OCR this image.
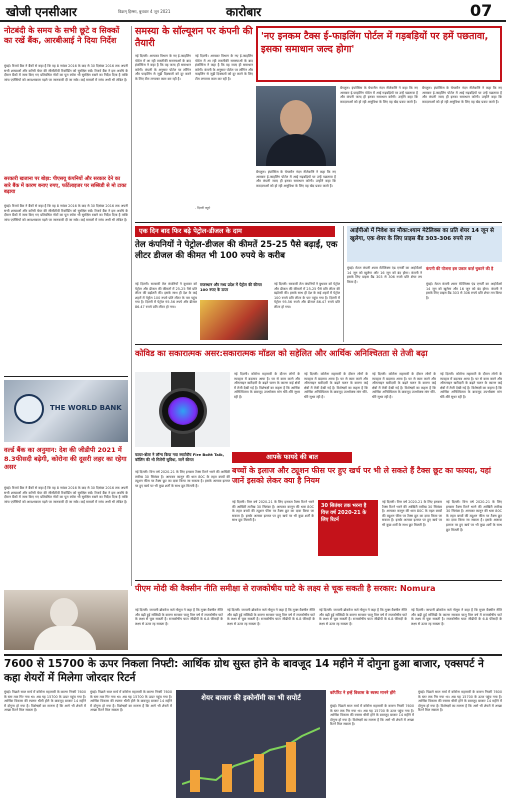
खोजी एनसीआर	विक्रम् हिस्सा, बुधवार 4 जून 2021	कारोबार	07
नोटबंदी के समय के सभी छूटे व सिक्कों का रखें बैंक, आरबीआई ने दिया निर्देश
मुंबई। रिजर्व बैंक ने बैंकों से कहा है कि वह 8 नवंबर 2016 के बाद से 30 दिसंबर 2016 तक अपनी सभी शाखाओं और करेंसी चेस्ट की सीसीटीवी रिकॉर्डिंग को सुरक्षित रखें। रिजर्व बैंक ने इस अवधि के दौरान बैंकों में जमा किए गए प्रतिबंधित नोटों का पूरा ब्योरा भी सुरक्षित रखने का निर्देश दिया है ताकि जांच एजेंसियों को आवश्यकता पड़ने पर जानकारी दी जा सके। कई मामलों में जांच अभी भी लंबित है।
सरकारी खजाना पर बोझ: पीएसयू कंपनियों और सरकार देने का सारे बैंक में कारण बनाए रुपए, फर्टिलाइजर पर सब्सिडी से मो टाका बढ़ाया
मुंबई। रिजर्व बैंक ने बैंकों से कहा है कि वह 8 नवंबर 2016 के बाद से 30 दिसंबर 2016 तक अपनी सभी शाखाओं और करेंसी चेस्ट की सीसीटीवी रिकॉर्डिंग को सुरक्षित रखें। रिजर्व बैंक ने इस अवधि के दौरान बैंकों में जमा किए गए प्रतिबंधित नोटों का पूरा ब्योरा भी सुरक्षित रखने का निर्देश दिया है ताकि जांच एजेंसियों को आवश्यकता पड़ने पर जानकारी दी जा सके। कई मामलों में जांच अभी भी लंबित है।
THE WORLD BANK
वर्ल्ड बैंक का अनुमान: देश की जीडीपी 2021 में 8.3फीसदी बढ़ेगी, कोरोना की दूसरी लहर का रहेगा असर
मुंबई। रिजर्व बैंक ने बैंकों से कहा है कि वह 8 नवंबर 2016 के बाद से 30 दिसंबर 2016 तक अपनी सभी शाखाओं और करेंसी चेस्ट की सीसीटीवी रिकॉर्डिंग को सुरक्षित रखें। रिजर्व बैंक ने इस अवधि के दौरान बैंकों में जमा किए गए प्रतिबंधित नोटों का पूरा ब्योरा भी सुरक्षित रखने का निर्देश दिया है ताकि जांच एजेंसियों को आवश्यकता पड़ने पर जानकारी दी जा सके। कई मामलों में जांच अभी भी लंबित है।
समस्या के सॉल्यूशन पर कंपनी की तैयारी
नई दिल्ली। आयकर विभाग के नए ई-फाइलिंग पोर्टल में आ रही तकनीकी समस्याओं के बाद इंफोसिस ने कहा है कि वह जल्द ही समाधान करेगी। कंपनी के अनुसार पोर्टल पर लॉगिन और फाइलिंग से जुड़ी दिक्कतों को दूर करने के लिए टीम लगातार काम कर रही है।
नई दिल्ली। आयकर विभाग के नए ई-फाइलिंग पोर्टल में आ रही तकनीकी समस्याओं के बाद इंफोसिस ने कहा है कि वह जल्द ही समाधान करेगी। कंपनी के अनुसार पोर्टल पर लॉगिन और फाइलिंग से जुड़ी दिक्कतों को दूर करने के लिए टीम लगातार काम कर रही है।
- दिल्ली ब्यूरो
'नए इनकम टैक्स ई-फाइलिंग पोर्टल में गड़बड़ियों पर हमें पछतावा, इसका समाधान जल्द होगा'
बेंगलुरू। इंफोसिस के चेयरमैन नंदन नीलेकणि ने कहा कि नए आयकर ई-फाइलिंग पोर्टल में आई गड़बड़ियों पर उन्हें पछतावा है और कंपनी जल्द ही इनका समाधान करेगी। उन्होंने कहा कि करदाताओं को हो रही असुविधा के लिए वह खेद प्रकट करते हैं।
बेंगलुरू। इंफोसिस के चेयरमैन नंदन नीलेकणि ने कहा कि नए आयकर ई-फाइलिंग पोर्टल में आई गड़बड़ियों पर उन्हें पछतावा है और कंपनी जल्द ही इनका समाधान करेगी। उन्होंने कहा कि करदाताओं को हो रही असुविधा के लिए वह खेद प्रकट करते हैं।
बेंगलुरू। इंफोसिस के चेयरमैन नंदन नीलेकणि ने कहा कि नए आयकर ई-फाइलिंग पोर्टल में आई गड़बड़ियों पर उन्हें पछतावा है और कंपनी जल्द ही इनका समाधान करेगी। उन्होंने कहा कि करदाताओं को हो रही असुविधा के लिए वह खेद प्रकट करते हैं।
एक दिन बाद फिर बढ़े पेट्रोल-डीजल के दाम
तेल कंपनियों ने पेट्रोल-डीजल की कीमतें 25-25 पैसे बढ़ाईं, एक लीटर डीजल की कीमत भी 100 रुपये के करीब
नई दिल्ली। सरकारी तेल कंपनियों ने बुधवार को पेट्रोल और डीजल की कीमतों में 25-25 पैसे प्रति लीटर की बढ़ोतरी की। इसके साथ ही देश के कई शहरों में पेट्रोल 100 रुपये प्रति लीटर के पार पहुंच गया है। दिल्ली में पेट्रोल 95.56 रुपये और डीजल 86.47 रुपये प्रति लीटर हो गया।
राजस्थान और मध्य प्रदेश में पेट्रोल की कीमत 100 रुपए के ऊपर
नई दिल्ली। सरकारी तेल कंपनियों ने बुधवार को पेट्रोल और डीजल की कीमतों में 25-25 पैसे प्रति लीटर की बढ़ोतरी की। इसके साथ ही देश के कई शहरों में पेट्रोल 100 रुपये प्रति लीटर के पार पहुंच गया है। दिल्ली में पेट्रोल 95.56 रुपये और डीजल 86.47 रुपये प्रति लीटर हो गया।
आईपीओ में निवेश का मौका:श्याम मेटेलिक्स का प्रति शेयर 14 जून से खुलेगा, एक शेयर के लिए प्राइस बैंड 303-306 रुपये तय
मुंबई। मेटल कंपनी श्याम मेटेलिक्स एंड एनर्जी का आईपीओ 14 जून को खुलेगा और 16 जून को बंद होगा। कंपनी ने इसके लिए प्राइस बैंड 303 से 306 रुपये प्रति शेयर तय किया है।
कंपनी की योजना इस प्रकार कर्ज़ चुकाने की है
मुंबई। मेटल कंपनी श्याम मेटेलिक्स एंड एनर्जी का आईपीओ 14 जून को खुलेगा और 16 जून को बंद होगा। कंपनी ने इसके लिए प्राइस बैंड 303 से 306 रुपये प्रति शेयर तय किया है।
कोविड का सकारात्मक असर:सकारात्मक मॉडल को सहेलित और आर्थिक अनिश्चितता से तेजी बढ़ा
नई दिल्ली। कोरोना महामारी के दौरान लोगों के व्यवहार में बदलाव आया है। घर से काम करने और ऑनलाइन खरीदारी के बढ़ते चलन के कारण कई क्षेत्रों में तेजी देखी गई है। विशेषज्ञों का कहना है कि आर्थिक अनिश्चितता के बावजूद उपभोक्ता मांग धीरे-धीरे सुधर रही है।
नई दिल्ली। कोरोना महामारी के दौरान लोगों के व्यवहार में बदलाव आया है। घर से काम करने और ऑनलाइन खरीदारी के बढ़ते चलन के कारण कई क्षेत्रों में तेजी देखी गई है। विशेषज्ञों का कहना है कि आर्थिक अनिश्चितता के बावजूद उपभोक्ता मांग धीरे-धीरे सुधर रही है।
नई दिल्ली। कोरोना महामारी के दौरान लोगों के व्यवहार में बदलाव आया है। घर से काम करने और ऑनलाइन खरीदारी के बढ़ते चलन के कारण कई क्षेत्रों में तेजी देखी गई है। विशेषज्ञों का कहना है कि आर्थिक अनिश्चितता के बावजूद उपभोक्ता मांग धीरे-धीरे सुधर रही है।
नई दिल्ली। कोरोना महामारी के दौरान लोगों के व्यवहार में बदलाव आया है। घर से काम करने और ऑनलाइन खरीदारी के बढ़ते चलन के कारण कई क्षेत्रों में तेजी देखी गई है। विशेषज्ञों का कहना है कि आर्थिक अनिश्चितता के बावजूद उपभोक्ता मांग धीरे-धीरे सुधर रही है।
आपके फायदे की बात
बच्चों के इलाज और ट्यूशन फीस पर हुए खर्च पर भी ले सकते हैं टैक्स छूट का फायदा, यहां जानें इसको लेकर क्या है नियम
फायर-बोल्ट ने लॉन्च किया नया स्मार्टवॉच Fire Boltt Talk, कॉलिंग की भी मिलेगी सुविधा, जानें कीमत
नई दिल्ली। वित्त वर्ष 2020-21 के लिए इनकम टैक्स रिटर्न भरने की आखिरी तारीख 30 सितंबर है। आयकर कानून की धारा 80C के तहत बच्चों की ट्यूशन फीस पर टैक्स छूट का दावा किया जा सकता है। इसके अलावा इलाज पर हुए खर्च पर भी कुछ शर्तों के साथ छूट मिलती है।
नई दिल्ली। वित्त वर्ष 2020-21 के लिए इनकम टैक्स रिटर्न भरने की आखिरी तारीख 30 सितंबर है। आयकर कानून की धारा 80C के तहत बच्चों की ट्यूशन फीस पर टैक्स छूट का दावा किया जा सकता है। इसके अलावा इलाज पर हुए खर्च पर भी कुछ शर्तों के साथ छूट मिलती है।
30 सितंबर तक भरना है वित्त वर्ष 2020-21 के लिए रिटर्न
नई दिल्ली। वित्त वर्ष 2020-21 के लिए इनकम टैक्स रिटर्न भरने की आखिरी तारीख 30 सितंबर है। आयकर कानून की धारा 80C के तहत बच्चों की ट्यूशन फीस पर टैक्स छूट का दावा किया जा सकता है। इसके अलावा इलाज पर हुए खर्च पर भी कुछ शर्तों के साथ छूट मिलती है।
नई दिल्ली। वित्त वर्ष 2020-21 के लिए इनकम टैक्स रिटर्न भरने की आखिरी तारीख 30 सितंबर है। आयकर कानून की धारा 80C के तहत बच्चों की ट्यूशन फीस पर टैक्स छूट का दावा किया जा सकता है। इसके अलावा इलाज पर हुए खर्च पर भी कुछ शर्तों के साथ छूट मिलती है।
पीएम मोदी की वैक्सीन नीति समीक्षा से राजकोषीय घाटे के लक्ष्य से चूक सकती है सरकार: Nomura
नई दिल्ली। जापानी ब्रोकरेज फर्म नोमुरा ने कहा है कि मुफ्त वैक्सीन नीति और बढ़ी हुई सब्सिडी के कारण सरकार चालू वित्त वर्ष में राजकोषीय घाटे के लक्ष्य से चूक सकती है। राजकोषीय घाटा जीडीपी के 6.8 फीसदी के लक्ष्य से ऊपर रह सकता है।
नई दिल्ली। जापानी ब्रोकरेज फर्म नोमुरा ने कहा है कि मुफ्त वैक्सीन नीति और बढ़ी हुई सब्सिडी के कारण सरकार चालू वित्त वर्ष में राजकोषीय घाटे के लक्ष्य से चूक सकती है। राजकोषीय घाटा जीडीपी के 6.8 फीसदी के लक्ष्य से ऊपर रह सकता है।
नई दिल्ली। जापानी ब्रोकरेज फर्म नोमुरा ने कहा है कि मुफ्त वैक्सीन नीति और बढ़ी हुई सब्सिडी के कारण सरकार चालू वित्त वर्ष में राजकोषीय घाटे के लक्ष्य से चूक सकती है। राजकोषीय घाटा जीडीपी के 6.8 फीसदी के लक्ष्य से ऊपर रह सकता है।
नई दिल्ली। जापानी ब्रोकरेज फर्म नोमुरा ने कहा है कि मुफ्त वैक्सीन नीति और बढ़ी हुई सब्सिडी के कारण सरकार चालू वित्त वर्ष में राजकोषीय घाटे के लक्ष्य से चूक सकती है। राजकोषीय घाटा जीडीपी के 6.8 फीसदी के लक्ष्य से ऊपर रह सकता है।
7600 से 15700 के ऊपर निकला निफ्टी: आर्थिक ग्रोथ सुस्त होने के बावजूद 14 महीने में दोगुना हुआ बाजार, एक्सपर्ट ने कहा शेयरों में मिलेगा जोरदार रिटर्न
मुंबई। पिछले साल मार्च में कोरोना महामारी के कारण निफ्टी 7600 के स्तर तक गिर गया था। अब यह 15700 के ऊपर पहुंच गया है। आर्थिक विकास की रफ्तार धीमी होने के बावजूद बाजार 14 महीने में दोगुना हो गया है। विशेषज्ञों का मानना है कि आगे भी शेयरों में अच्छा रिटर्न मिल सकता है।
मुंबई। पिछले साल मार्च में कोरोना महामारी के कारण निफ्टी 7600 के स्तर तक गिर गया था। अब यह 15700 के ऊपर पहुंच गया है। आर्थिक विकास की रफ्तार धीमी होने के बावजूद बाजार 14 महीने में दोगुना हो गया है। विशेषज्ञों का मानना है कि आगे भी शेयरों में अच्छा रिटर्न मिल सकता है।
शेयर बाजार की इकोनॉमी का भी सपोर्ट
कॉर्पोरेट ने इन्हें विकास के स्वस्थ मानने होंगे
मुंबई। पिछले साल मार्च में कोरोना महामारी के कारण निफ्टी 7600 के स्तर तक गिर गया था। अब यह 15700 के ऊपर पहुंच गया है। आर्थिक विकास की रफ्तार धीमी होने के बावजूद बाजार 14 महीने में दोगुना हो गया है। विशेषज्ञों का मानना है कि आगे भी शेयरों में अच्छा रिटर्न मिल सकता है।
मुंबई। पिछले साल मार्च में कोरोना महामारी के कारण निफ्टी 7600 के स्तर तक गिर गया था। अब यह 15700 के ऊपर पहुंच गया है। आर्थिक विकास की रफ्तार धीमी होने के बावजूद बाजार 14 महीने में दोगुना हो गया है। विशेषज्ञों का मानना है कि आगे भी शेयरों में अच्छा रिटर्न मिल सकता है।
